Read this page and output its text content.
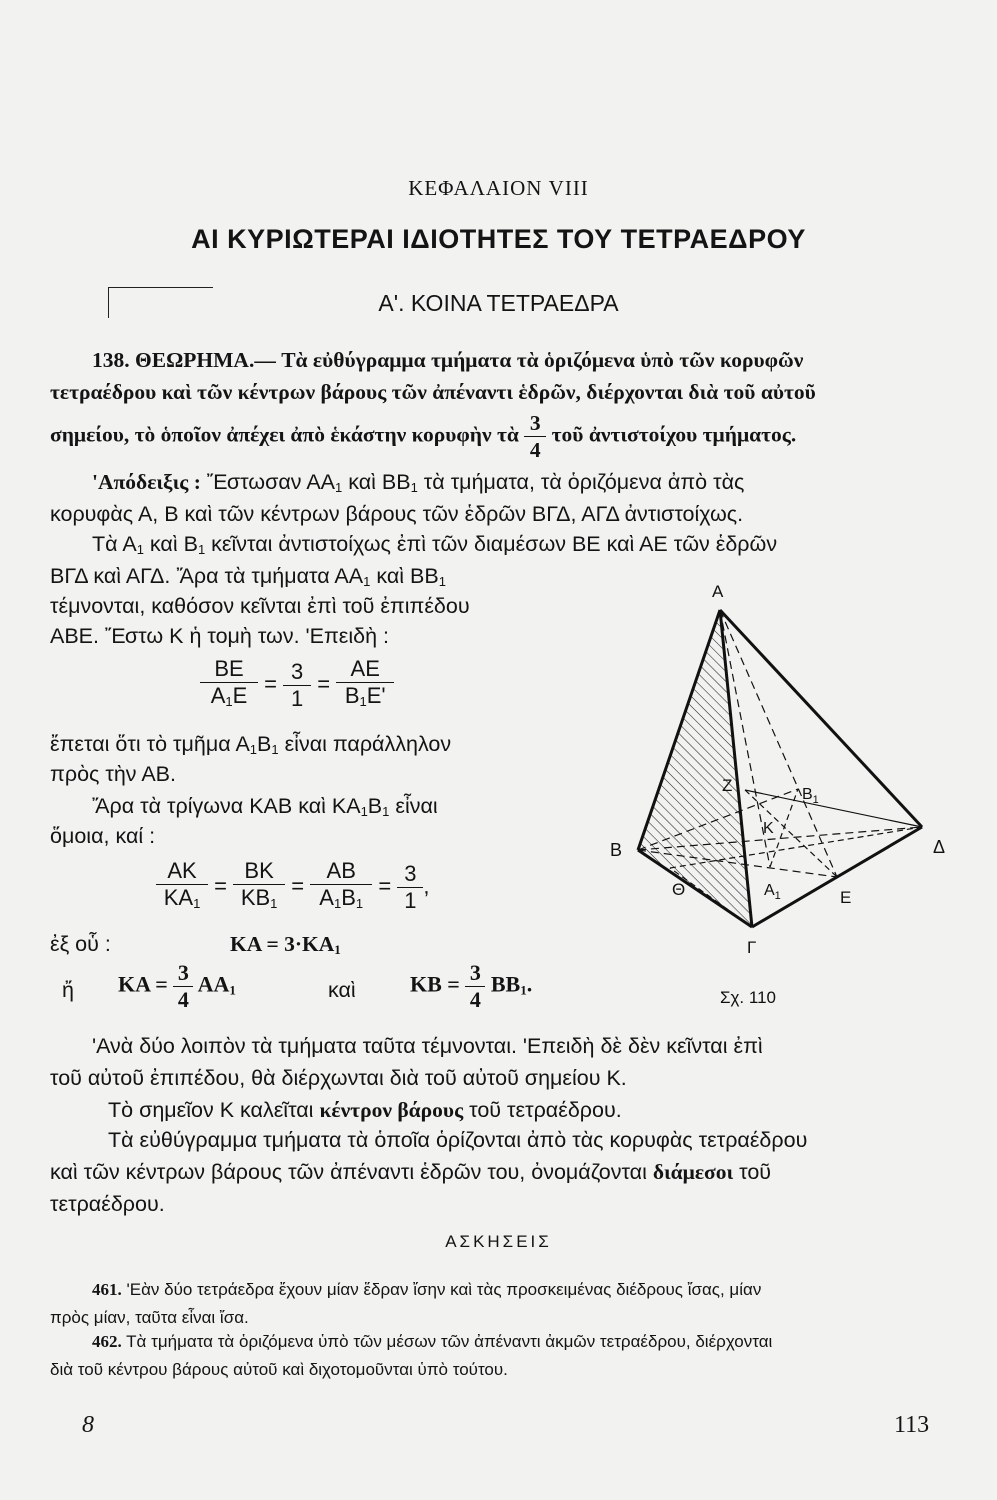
ΚΕΦΑΛΑΙΟΝ VIII
ΑΙ ΚΥΡΙΩΤΕΡΑΙ ΙΔΙΟΤΗΤΕΣ ΤΟΥ ΤΕΤΡΑΕΔΡΟΥ
Α'. ΚΟΙΝΑ ΤΕΤΡΑΕΔΡΑ
138. ΘΕΩΡΗΜΑ.— Τὰ εὐθύγραμμα τμήματα τὰ ὁριζόμενα ὑπὸ τῶν κορυφῶν
τετραέδρου καὶ τῶν κέντρων βάρους τῶν ἀπέναντι ἑδρῶν, διέρχονται διὰ τοῦ αὐτοῦ
σημείου, τὸ ὁποῖον ἀπέχει ἀπὸ ἑκάστην κορυφὴν τὰ $\frac{3}{4}$ τοῦ ἀντιστοίχου τμήματος.
'Απόδειξις : Ἔστωσαν $AA_1$ καὶ $BB_1$ τὰ τμήματα, τὰ ὁριζόμενα ἀπὸ τὰς
κορυφὰς Α, Β καὶ τῶν κέντρων βάρους τῶν ἑδρῶν ΒΓΔ, ΑΓΔ ἀντιστοίχως.
Τὰ $A_1$ καὶ $B_1$ κεῖνται ἀντιστοίχως ἐπὶ τῶν διαμέσων ΒΕ καὶ ΑΕ τῶν ἑδρῶν
ΒΓΔ καὶ ΑΓΔ. Ἄρα τὰ τμήματα $AA_1$ καὶ $BB_1$
τέμνονται, καθόσον κεῖνται ἐπὶ τοῦ ἐπιπέδου
ΑΒΕ. Ἔστω Κ ἡ τομὴ των. 'Επειδὴ :
$\frac{BE}{A_1E} = \frac{3}{1} = \frac{AE}{B_1E'}$
ἔπεται ὅτι τὸ τμῆμα $A_1B_1$ εἶναι παράλληλον
πρὸς τὴν ΑΒ.
Ἄρα τὰ τρίγωνα ΚΑΒ καὶ $KA_1B_1$ εἶναι
ὅμοια, καί :
$\frac{AK}{KA_1} = \frac{BK}{KB_1} = \frac{AB}{A_1B_1} = \frac{3}{1}$ ,
ἐξ οὗ :	$KA = 3\cdot KA_1$
ἤ $KA = \frac{3}{4} AA_1$	καὶ $KB = \frac{3}{4} BB_1$.
Α
Β
Γ
Δ
Ε
Ζ
Κ
Θ	$A_1$
$B_1$
Σχ. 110
'Ανὰ δύο λοιπὸν τὰ τμήματα ταῦτα τέμνονται. 'Επειδὴ δὲ δὲν κεῖνται ἐπὶ
τοῦ αὐτοῦ ἐπιπέδου, θὰ διέρχωνται διὰ τοῦ αὐτοῦ σημείου Κ.
Τὸ σημεῖον Κ καλεῖται κέντρον βάρους τοῦ τετραέδρου.
Τὰ εὐθύγραμμα τμήματα τὰ ὁποῖα ὁρίζονται ἀπὸ τὰς κορυφὰς τετραέδρου
καὶ τῶν κέντρων βάρους τῶν ἀπέναντι ἑδρῶν του, ὀνομάζονται διάμεσοι τοῦ
τετραέδρου.
ΑΣΚΗΣΕΙΣ
461. 'Εὰν δύο τετράεδρα ἔχουν μίαν ἕδραν ἴσην καὶ τὰς προσκειμένας διέδρους ἴσας, μίαν
πρὸς μίαν, ταῦτα εἶναι ἴσα.
462. Τὰ τμήματα τὰ ὁριζόμενα ὑπὸ τῶν μέσων τῶν ἀπέναντι ἀκμῶν τετραέδρου, διέρχονται
διὰ τοῦ κέντρου βάρους αὐτοῦ καὶ διχοτομοῦνται ὑπὸ τούτου.
8	113
